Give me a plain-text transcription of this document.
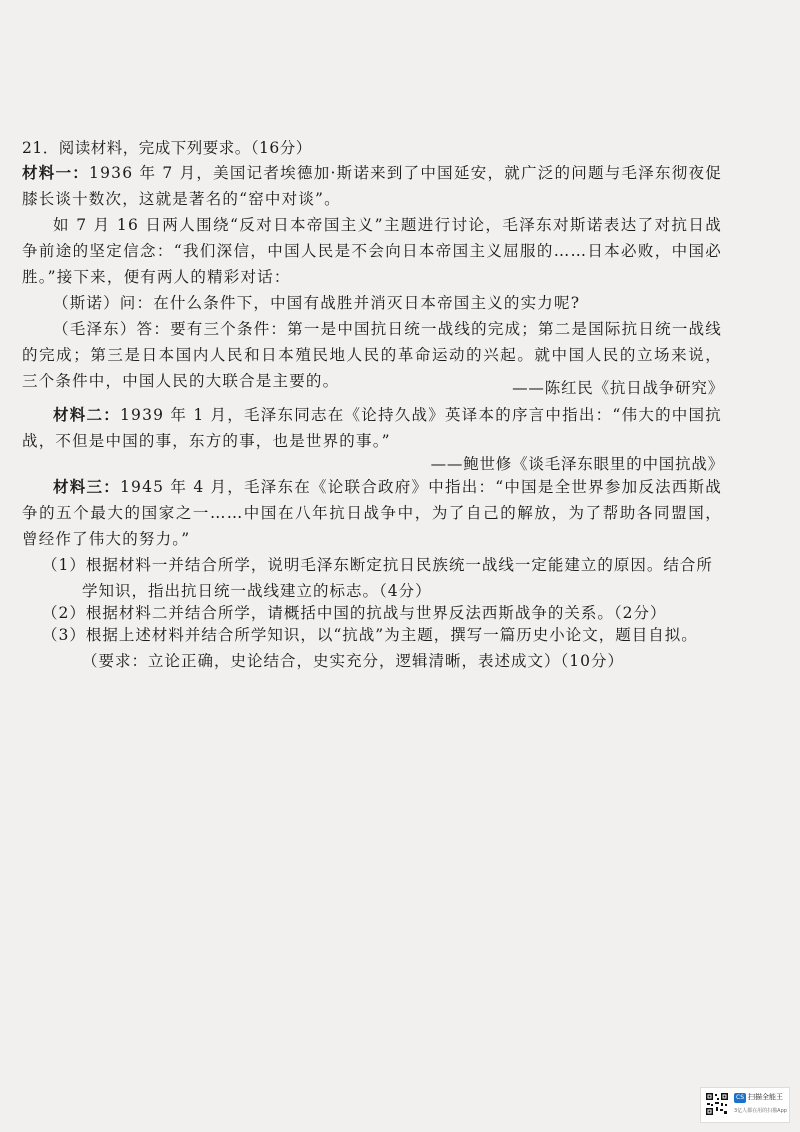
21．阅读材料，完成下列要求。（16分）

材料一：1936 年 7 月，美国记者埃德加·斯诺来到了中国延安，就广泛的问题与毛泽东彻夜促膝长谈十数次，这就是著名的“窑中对谈”。

如 7 月 16 日两人围绕“反对日本帝国主义”主题进行讨论，毛泽东对斯诺表达了对抗日战争前途的坚定信念：“我们深信，中国人民是不会向日本帝国主义屈服的……日本必败，中国必胜。”接下来，便有两人的精彩对话：

（斯诺）问：在什么条件下，中国有战胜并消灭日本帝国主义的实力呢?

（毛泽东）答：要有三个条件：第一是中国抗日统一战线的完成；第二是国际抗日统一战线的完成；第三是日本国内人民和日本殖民地人民的革命运动的兴起。就中国人民的立场来说，三个条件中，中国人民的大联合是主要的。	——陈红民《抗日战争研究》

材料二：1939 年 1 月，毛泽东同志在《论持久战》英译本的序言中指出：“伟大的中国抗战，不但是中国的事，东方的事，也是世界的事。”

——鲍世修《谈毛泽东眼里的中国抗战》

材料三：1945 年 4 月，毛泽东在《论联合政府》中指出：“中国是全世界参加反法西斯战争的五个最大的国家之一……中国在八年抗日战争中，为了自己的解放，为了帮助各同盟国，曾经作了伟大的努力。”

（1）根据材料一并结合所学，说明毛泽东断定抗日民族统一战线一定能建立的原因。结合所学知识，指出抗日统一战线建立的标志。（4分）

（2）根据材料二并结合所学，请概括中国的抗战与世界反法西斯战争的关系。（2分）

（3）根据上述材料并结合所学知识，以“抗战”为主题，撰写一篇历史小论文，题目自拟。（要求：立论正确，史论结合，史实充分，逻辑清晰，表述成文）（10分）

CS 扫描全能王
3亿人都在用的扫描App
